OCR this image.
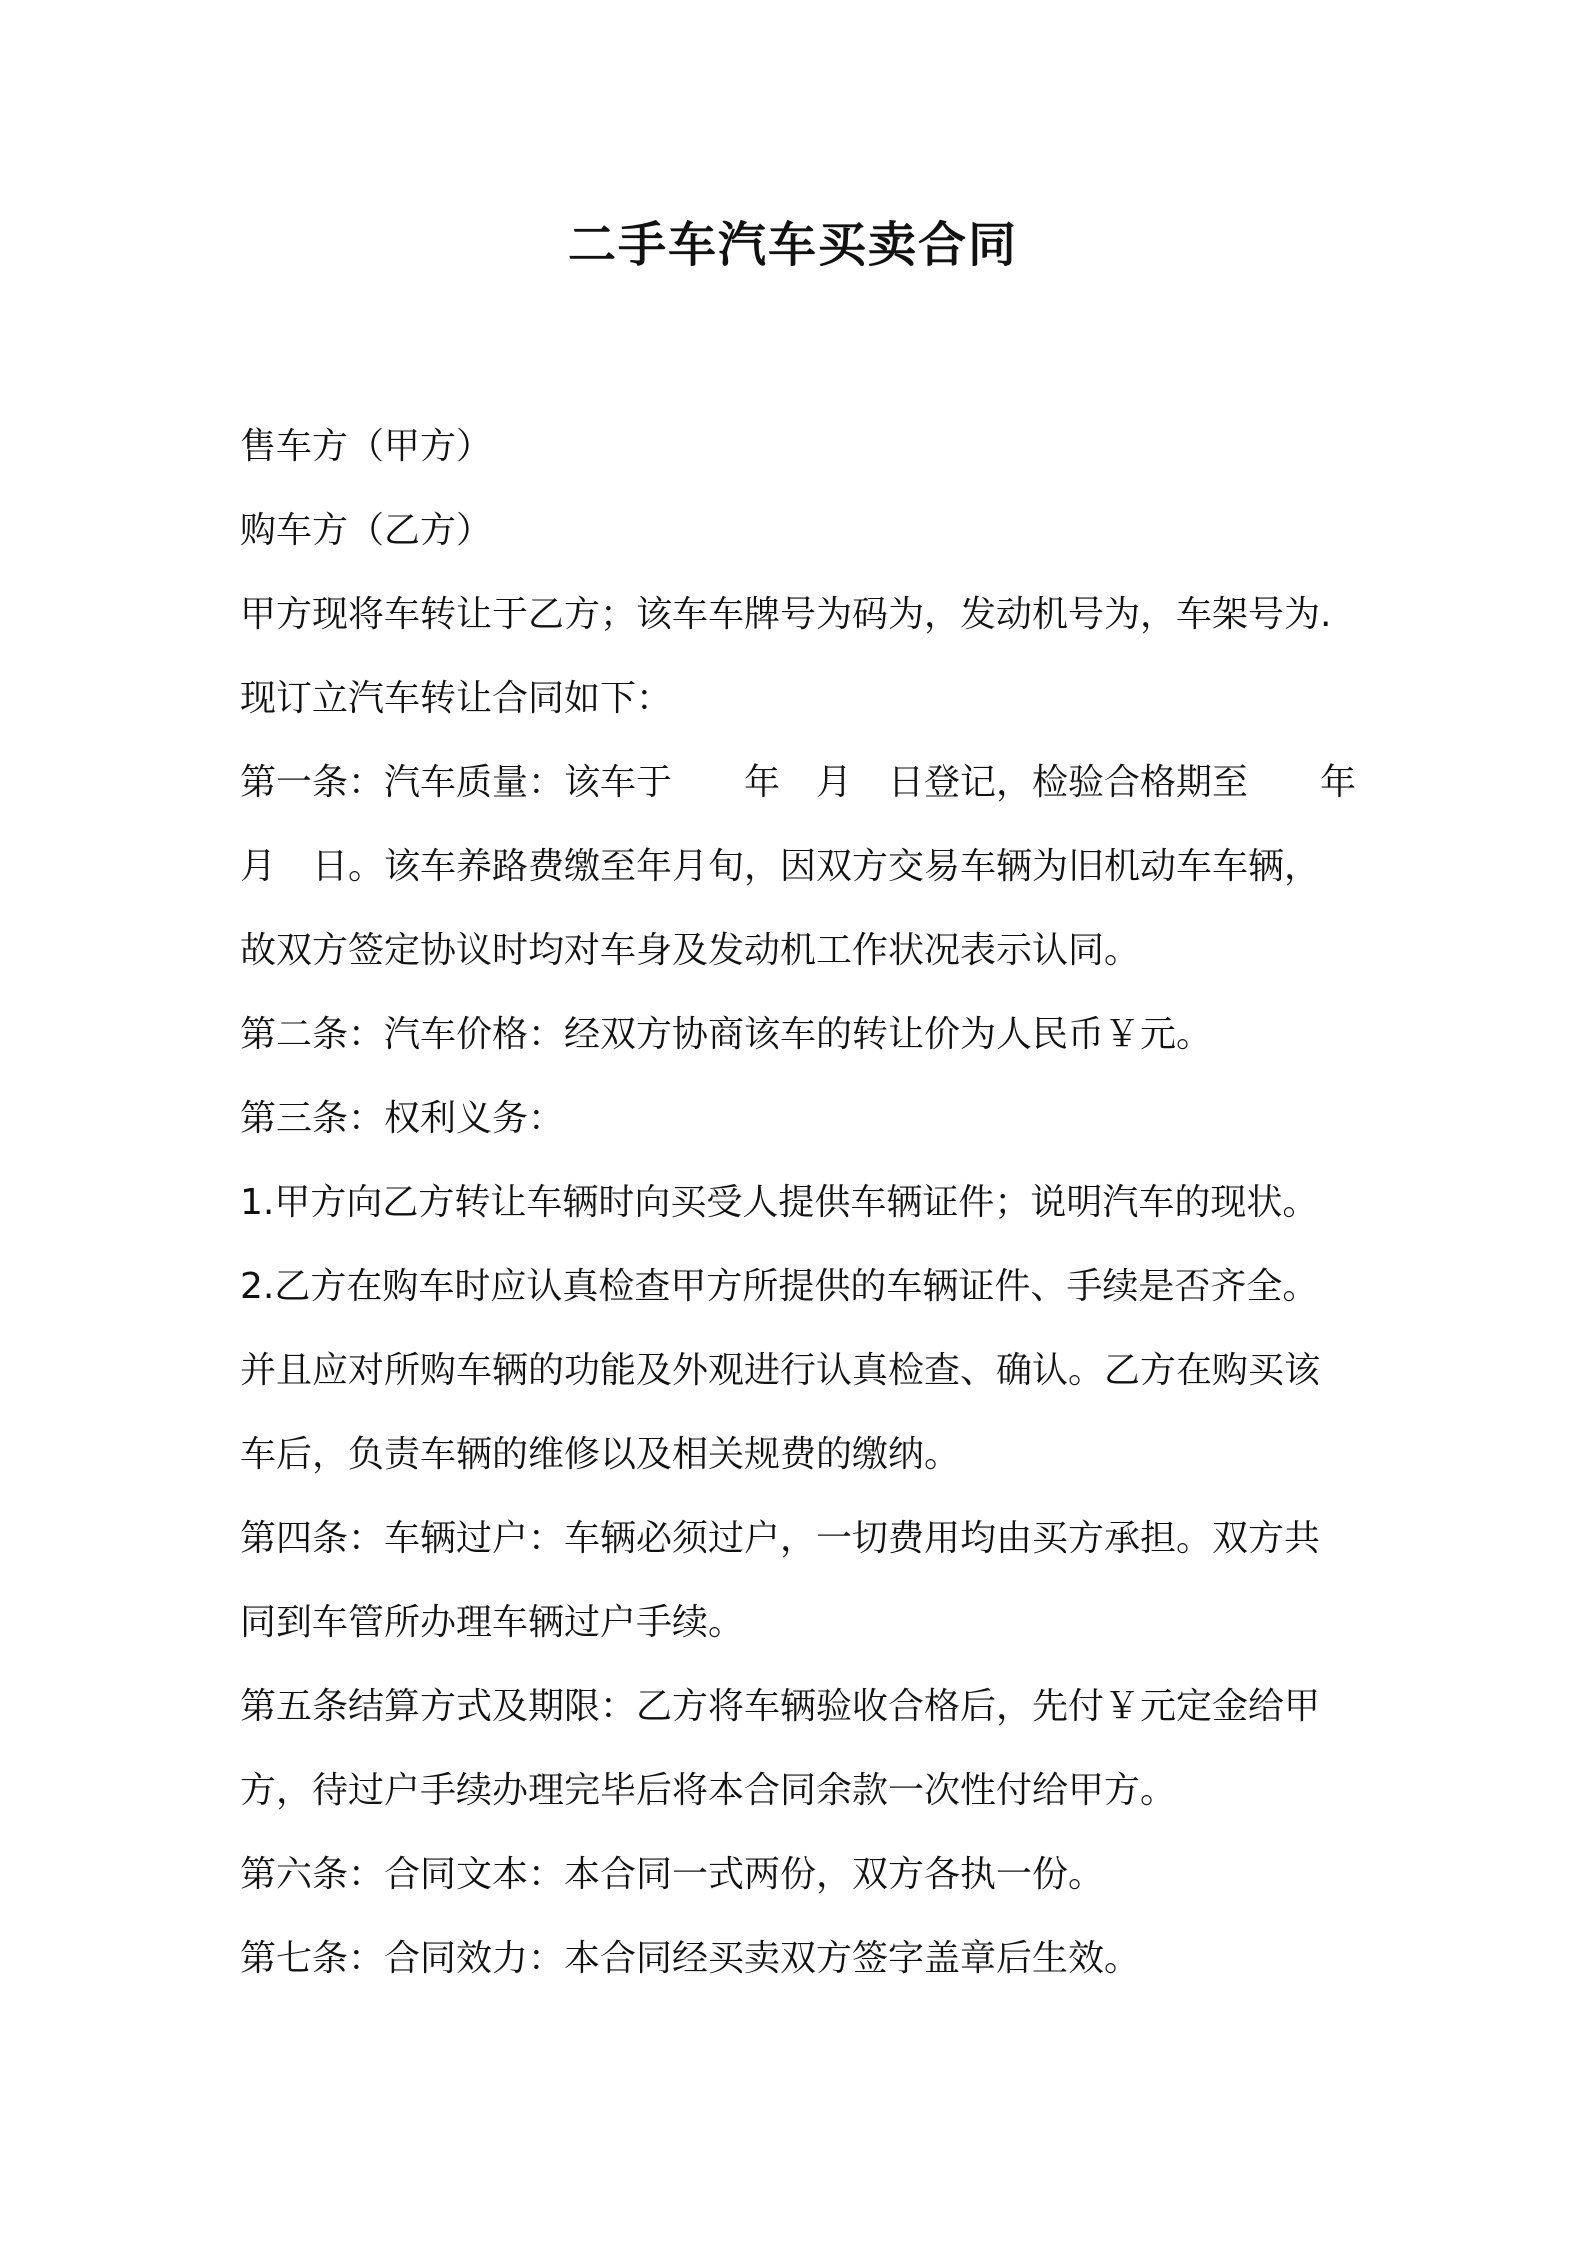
二手车汽车买卖合同
售车方（甲方）
购车方（乙方）
甲方现将车转让于乙方；该车车牌号为码为，发动机号为，车架号为.
现订立汽车转让合同如下：
第一条：汽车质量：该车于　　年　月　日登记，检验合格期至　　年
月　日。该车养路费缴至年月旬，因双方交易车辆为旧机动车车辆，
故双方签定协议时均对车身及发动机工作状况表示认同。
第二条：汽车价格：经双方协商该车的转让价为人民币￥元。
第三条：权利义务：
1.甲方向乙方转让车辆时向买受人提供车辆证件；说明汽车的现状。
2.乙方在购车时应认真检查甲方所提供的车辆证件、手续是否齐全。
并且应对所购车辆的功能及外观进行认真检查、确认。乙方在购买该
车后，负责车辆的维修以及相关规费的缴纳。
第四条：车辆过户：车辆必须过户，一切费用均由买方承担。双方共
同到车管所办理车辆过户手续。
第五条结算方式及期限：乙方将车辆验收合格后，先付￥元定金给甲
方，待过户手续办理完毕后将本合同余款一次性付给甲方。
第六条：合同文本：本合同一式两份，双方各执一份。
第七条：合同效力：本合同经买卖双方签字盖章后生效。
